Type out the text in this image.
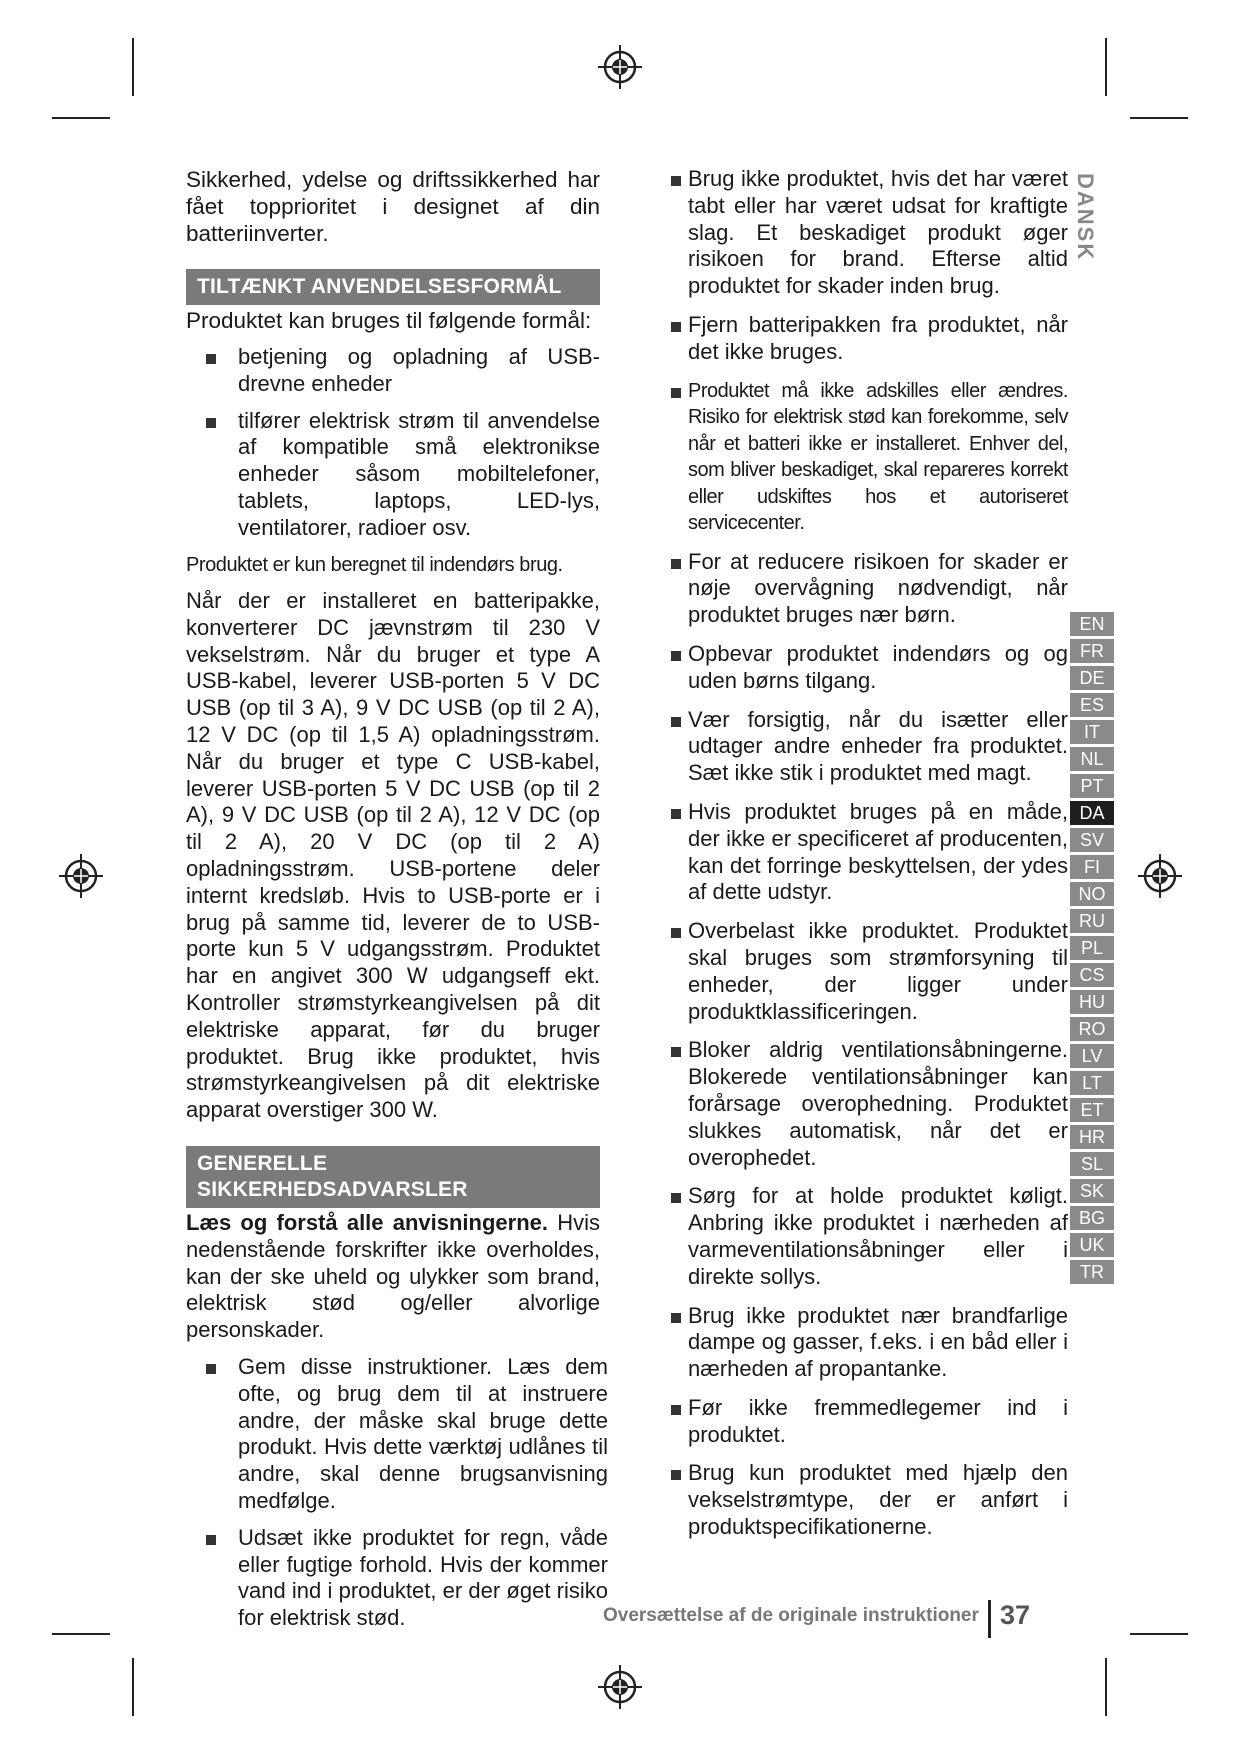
Sikkerhed, ydelse og driftssikkerhed har fået topprioritet i designet af din batteriinverter.

TILTÆNKT ANVENDELSESFORMÅL

Produktet kan bruges til følgende formål:

betjening og opladning af USB-drevne enheder
tilfører elektrisk strøm til anvendelse af kompatible små elektronikse enheder såsom mobiltelefoner, tablets, laptops, LED-lys, ventilatorer, radioer osv.

Produktet er kun beregnet til indendørs brug.

Når der er installeret en batteripakke, konverterer DC jævnstrøm til 230 V vekselstrøm. Når du bruger et type A USB-kabel, leverer USB-porten 5 V DC USB (op til 3 A), 9 V DC USB (op til 2 A), 12 V DC (op til 1,5 A) opladningsstrøm. Når du bruger et type C USB-kabel, leverer USB-porten 5 V DC USB (op til 2 A), 9 V DC USB (op til 2 A), 12 V DC (op til 2 A), 20 V DC (op til 2 A) opladningsstrøm. USB-portene deler internt kredsløb. Hvis to USB-porte er i brug på samme tid, leverer de to USB-porte kun 5 V udgangsstrøm. Produktet har en angivet 300 W udgangseff ekt. Kontroller strømstyrkeangivelsen på dit elektriske apparat, før du bruger produktet. Brug ikke produktet, hvis strømstyrkeangivelsen på dit elektriske apparat overstiger 300 W.

GENERELLE
SIKKERHEDSADVARSLER

Læs og forstå alle anvisningerne. Hvis nedenstående forskrifter ikke overholdes, kan der ske uheld og ulykker som brand, elektrisk stød og/eller alvorlige personskader.

Gem disse instruktioner. Læs dem ofte, og brug dem til at instruere andre, der måske skal bruge dette produkt. Hvis dette værktøj udlånes til andre, skal denne brugsanvisning medfølge.
Udsæt ikke produktet for regn, våde eller fugtige forhold. Hvis der kommer vand ind i produktet, er der øget risiko for elektrisk stød.
Brug ikke produktet, hvis det har været tabt eller har været udsat for kraftigte slag. Et beskadiget produkt øger risikoen for brand. Efterse altid produktet for skader inden brug.
Fjern batteripakken fra produktet, når det ikke bruges.
Produktet må ikke adskilles eller ændres. Risiko for elektrisk stød kan forekomme, selv når et batteri ikke er installeret. Enhver del, som bliver beskadiget, skal repareres korrekt eller udskiftes hos et autoriseret servicecenter.
For at reducere risikoen for skader er nøje overvågning nødvendigt, når produktet bruges nær børn.
Opbevar produktet indendørs og og uden børns tilgang.
Vær forsigtig, når du isætter eller udtager andre enheder fra produktet. Sæt ikke stik i produktet med magt.
Hvis produktet bruges på en måde, der ikke er specificeret af producenten, kan det forringe beskyttelsen, der ydes af dette udstyr.
Overbelast ikke produktet. Produktet skal bruges som strømforsyning til enheder, der ligger under produktklassificeringen.
Bloker aldrig ventilationsåbningerne. Blokerede ventilationsåbninger kan forårsage overophedning. Produktet slukkes automatisk, når det er overophedet.
Sørg for at holde produktet køligt. Anbring ikke produktet i nærheden af varmeventilationsåbninger eller i direkte sollys.
Brug ikke produktet nær brandfarlige dampe og gasser, f.eks. i en båd eller i nærheden af propantanke.
Før ikke fremmedlegemer ind i produktet.
Brug kun produktet med hjælp den vekselstrømtype, der er anført i produktspecifikationerne.
DANSK
EN
FR
DE
ES
IT
NL
PT
DA
SV
FI
NO
RU
PL
CS
HU
RO
LV
LT
ET
HR
SL
SK
BG
UK
TR
Oversættelse af de originale instruktioner 37
